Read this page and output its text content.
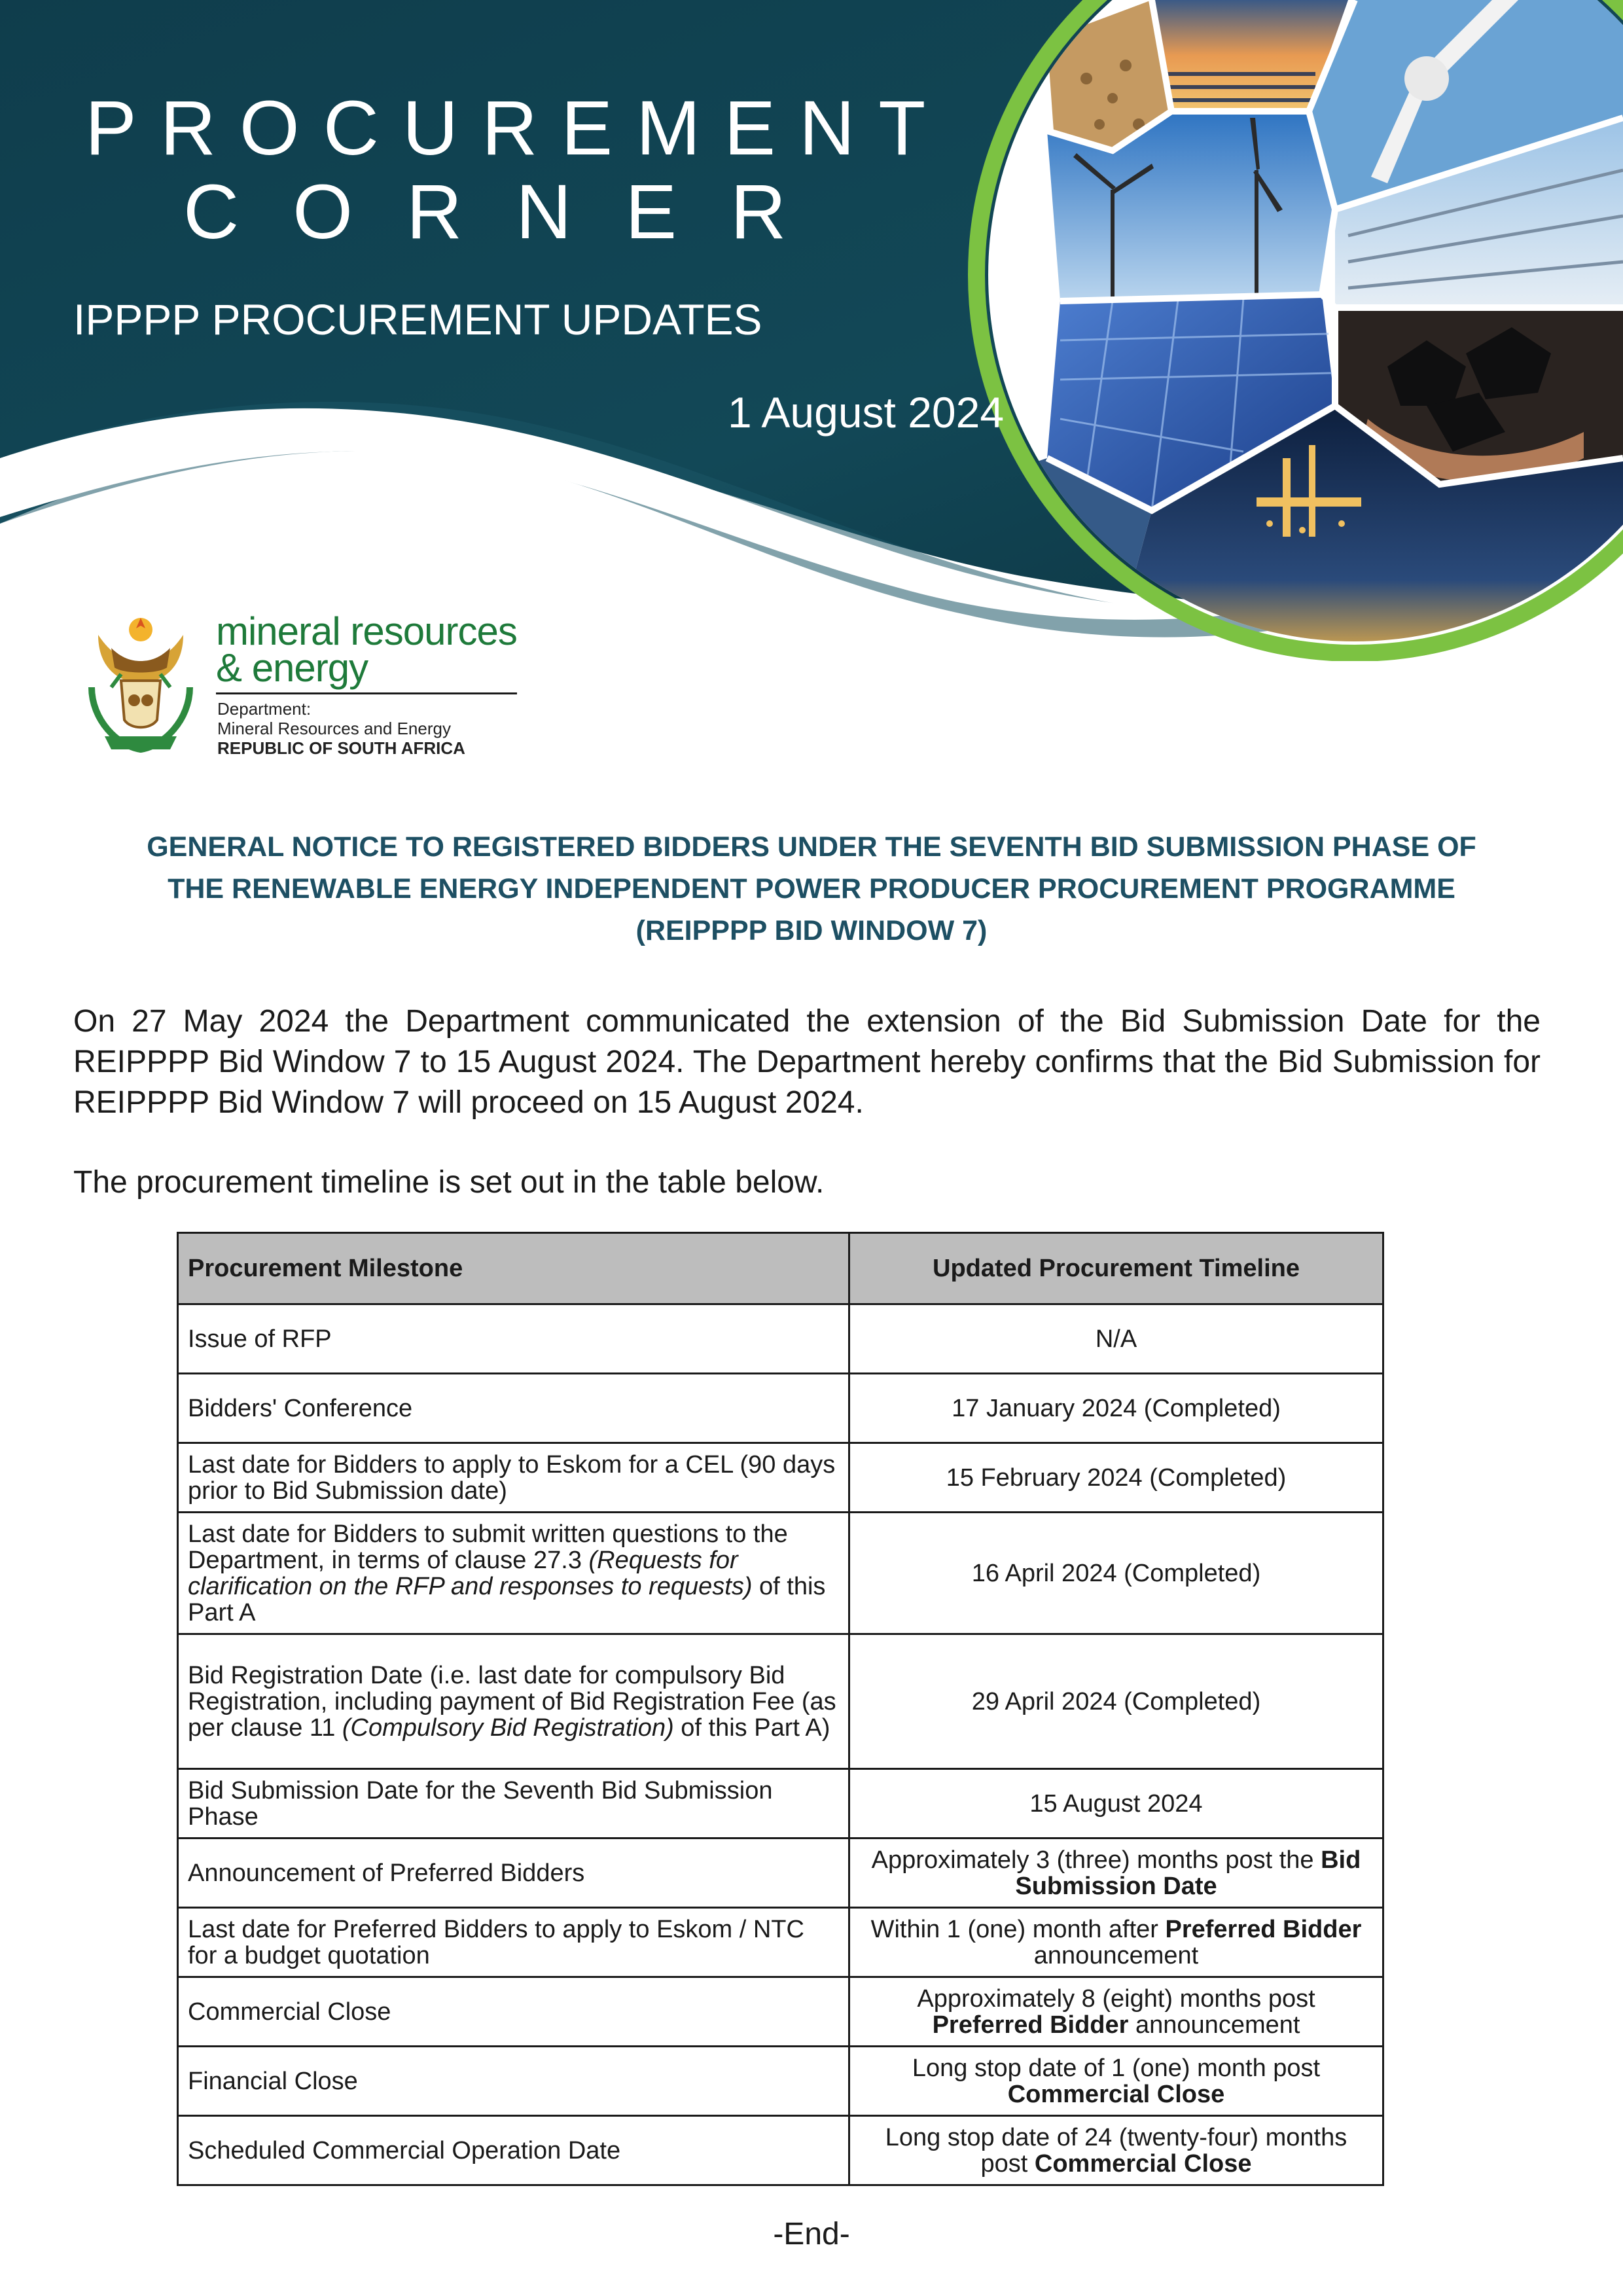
PROCUREMENT
CORNER
IPPPP PROCUREMENT UPDATES
1 August 2024
mineral resources
& energy
Department:
Mineral Resources and Energy
REPUBLIC OF SOUTH AFRICA
GENERAL NOTICE TO REGISTERED BIDDERS UNDER THE SEVENTH BID SUBMISSION PHASE OF
THE RENEWABLE ENERGY INDEPENDENT POWER PRODUCER PROCUREMENT PROGRAMME
(REIPPPP BID WINDOW 7)

On 27 May 2024 the Department communicated the extension of the Bid Submission Date for the REIPPPP Bid Window 7 to 15 August 2024. The Department hereby confirms that the Bid Submission for REIPPPP Bid Window 7 will proceed on 15 August 2024.

The procurement timeline is set out in the table below.

Procurement Milestone	Updated Procurement Timeline
Issue of RFP	N/A
Bidders' Conference	17 January 2024 (Completed)
Last date for Bidders to apply to Eskom for a CEL (90 days prior to Bid Submission date)	15 February 2024 (Completed)
Last date for Bidders to submit written questions to the Department, in terms of clause 27.3 (Requests for clarification on the RFP and responses to requests) of this Part A	16 April 2024 (Completed)
Bid Registration Date (i.e. last date for compulsory Bid Registration, including payment of Bid Registration Fee (as per clause 11 (Compulsory Bid Registration) of this Part A)	29 April 2024 (Completed)
Bid Submission Date for the Seventh Bid Submission Phase	15 August 2024
Announcement of Preferred Bidders	Approximately 3 (three) months post the Bid Submission Date
Last date for Preferred Bidders to apply to Eskom / NTC for a budget quotation	Within 1 (one) month after Preferred Bidder announcement
Commercial Close	Approximately 8 (eight) months post Preferred Bidder announcement
Financial Close	Long stop date of 1 (one) month post Commercial Close
Scheduled Commercial Operation Date	Long stop date of 24 (twenty-four) months post Commercial Close
-End-
